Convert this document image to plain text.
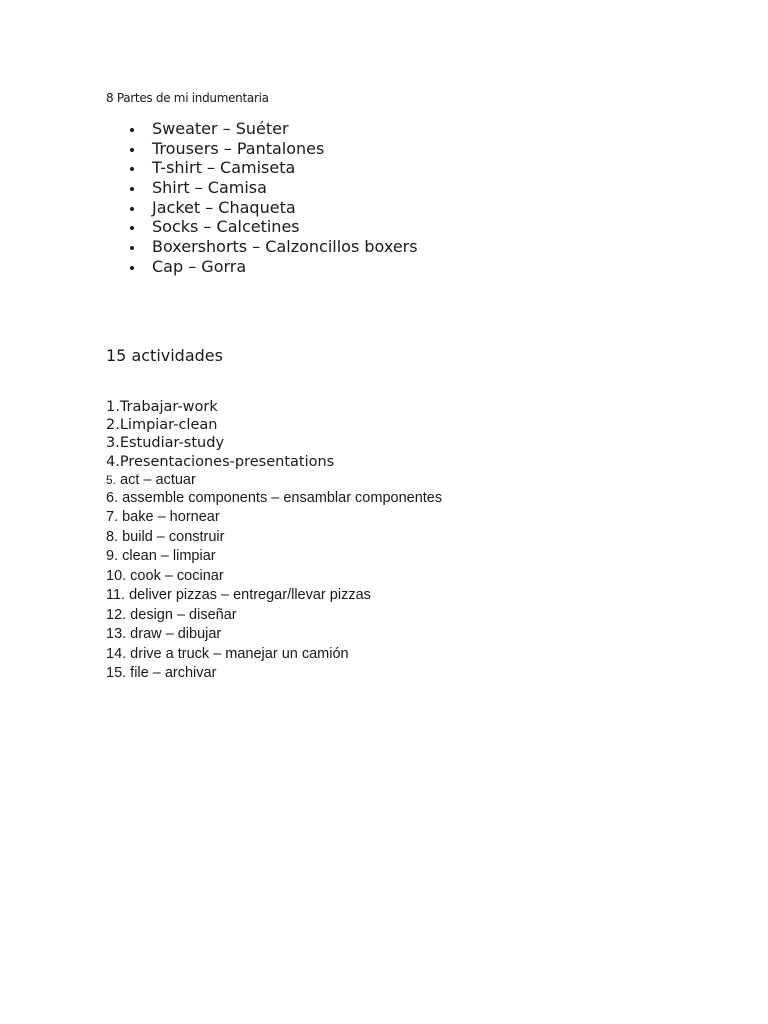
8 Partes de mi indumentaria

Sweater – Suéter
Trousers – Pantalones
T-shirt – Camiseta
Shirt – Camisa
Jacket – Chaqueta
Socks – Calcetines
Boxershorts – Calzoncillos boxers
Cap – Gorra
15 actividades
1.Trabajar-work
2.Limpiar-clean
3.Estudiar-study
4.Presentaciones-presentations
5. act – actuar
6. assemble components – ensamblar componentes
7. bake – hornear
8. build – construir
9. clean – limpiar
10. cook – cocinar
11. deliver pizzas – entregar/llevar pizzas
12. design – diseñar
13. draw – dibujar
14. drive a truck – manejar un camión
15. file – archivar
